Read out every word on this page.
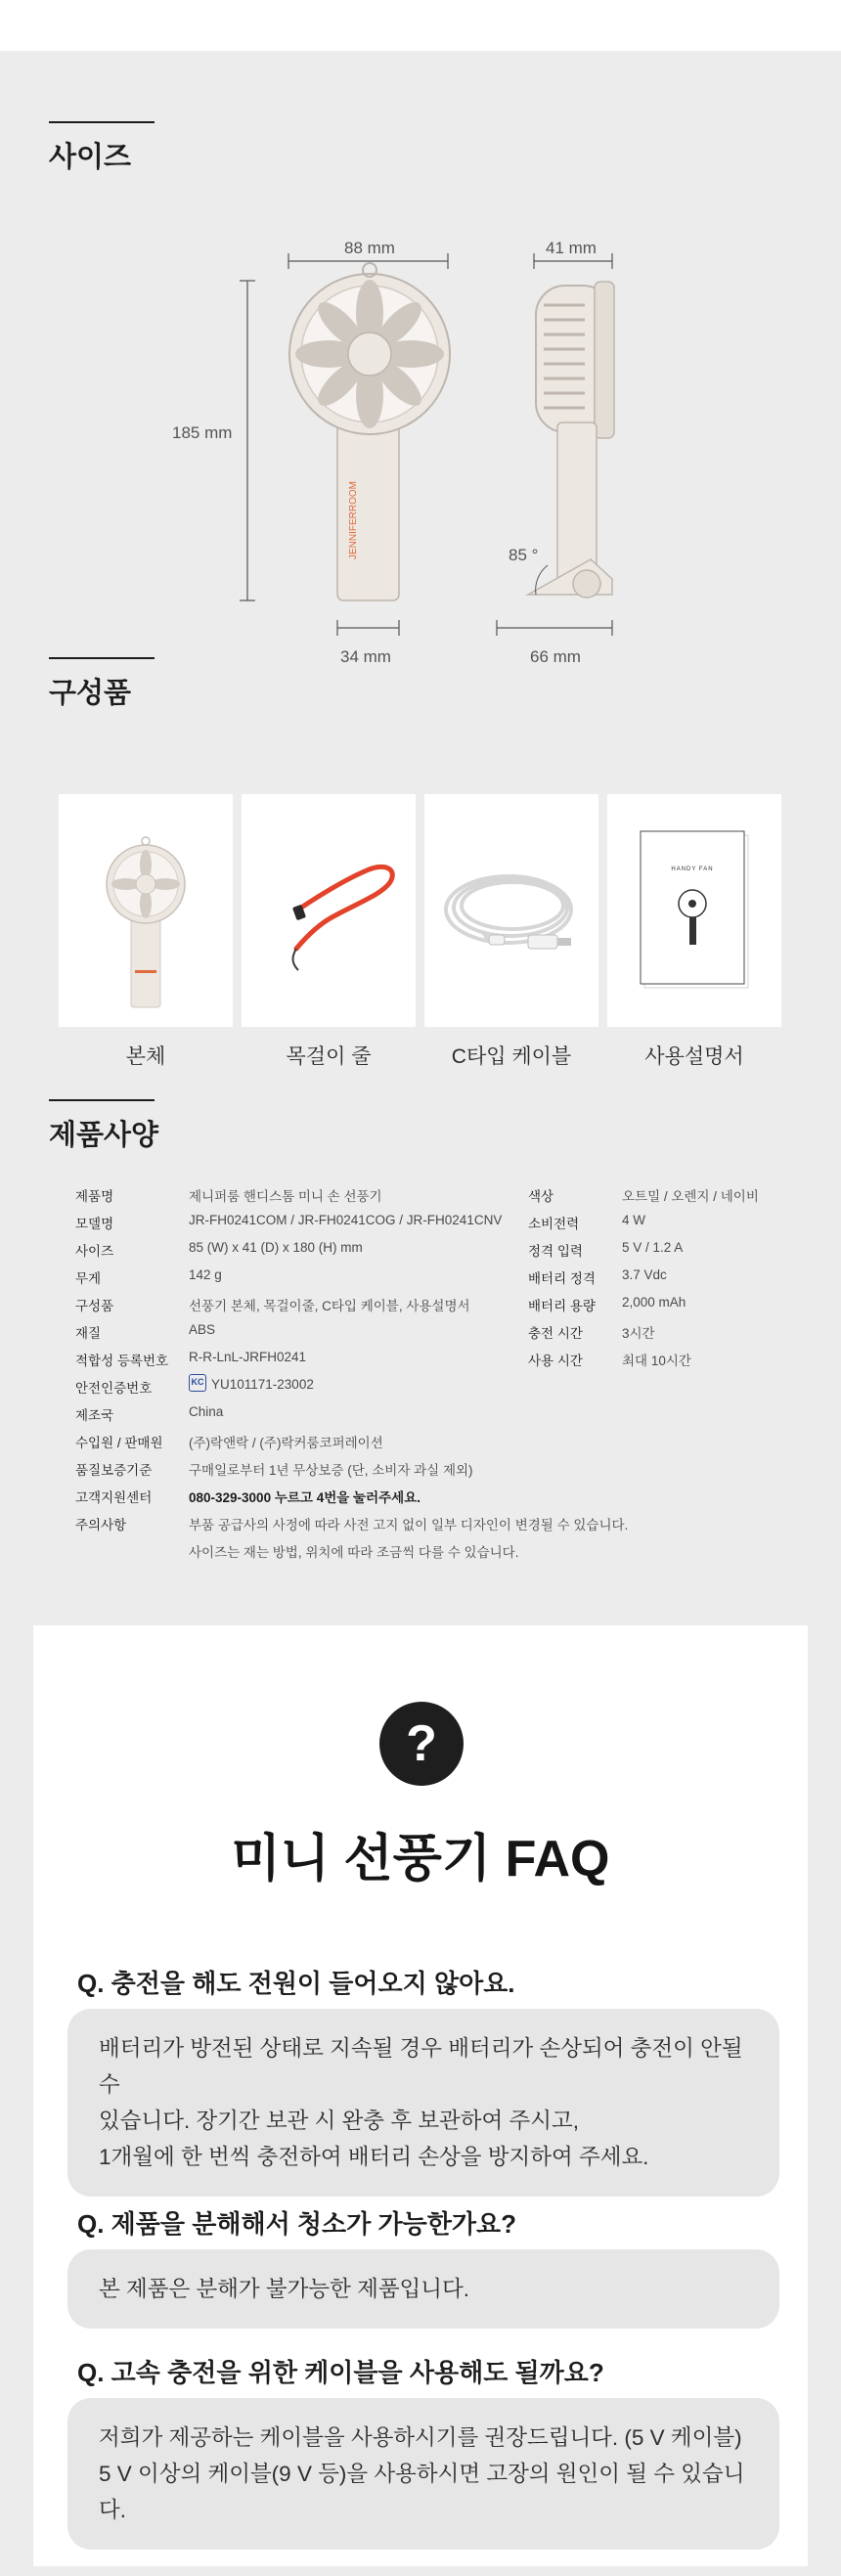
사이즈
JENNIFERROOM
88 mm
185 mm
34 mm
41 mm
66 mm
85 °
구성품
본체	목걸이 줄	C타입 케이블
HANDY FAN
사용설명서
제품사양
제품명	제니퍼룸 핸디스톰 미니 손 선풍기
모델명	JR-FH0241COM / JR-FH0241COG / JR-FH0241CNV
사이즈	85 (W) x 41 (D) x 180 (H) mm
무게	142 g
구성품	선풍기 본체, 목걸이줄, C타입 케이블, 사용설명서
재질	ABS
적합성 등록번호 R-R-LnL-JRFH0241
안전인증번호	KC YU101171-23002
제조국	China
수입원 / 판매원 (주)락앤락 / (주)락커룸코퍼레이션
품질보증기준	구매일로부터 1년 무상보증 (단, 소비자 과실 제외)
고객지원센터	080-329-3000 누르고 4번을 눌러주세요.
주의사항	부품 공급사의 사정에 따라 사전 고지 없이 일부 디자인이 변경될 수 있습니다.
사이즈는 재는 방법, 위치에 따라 조금씩 다를 수 있습니다.
색상	오트밀 / 오렌지 / 네이비
소비전력	4 W
정격 입력	5 V / 1.2 A
배터리 정격 3.7 Vdc
배터리 용량 2,000 mAh
충전 시간	3시간
사용 시간	최대 10시간
?
미니 선풍기 FAQ
Q. 충전을 해도 전원이 들어오지 않아요.
배터리가 방전된 상태로 지속될 경우 배터리가 손상되어 충전이 안될 수
있습니다. 장기간 보관 시 완충 후 보관하여 주시고,
1개월에 한 번씩 충전하여 배터리 손상을 방지하여 주세요.
Q. 제품을 분해해서 청소가 가능한가요?
본 제품은 분해가 불가능한 제품입니다.
Q. 고속 충전을 위한 케이블을 사용해도 될까요?
저희가 제공하는 케이블을 사용하시기를 권장드립니다. (5 V 케이블)
5 V 이상의 케이블(9 V 등)을 사용하시면 고장의 원인이 될 수 있습니다.
